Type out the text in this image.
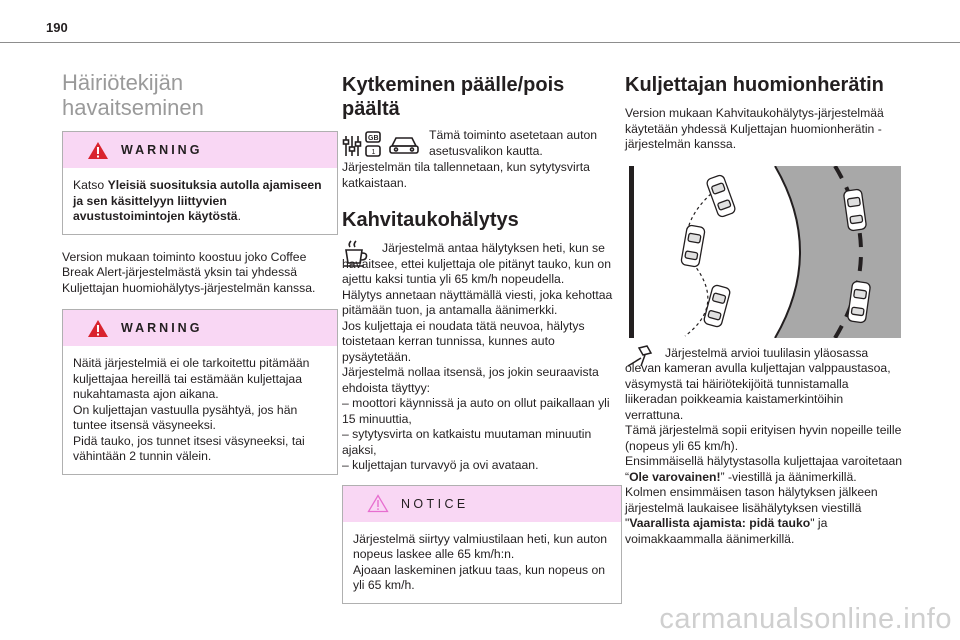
190
Häiriötekijän
havaitseminen
WARNING

Katso Yleisiä suosituksia autolla ajamiseen ja sen käsittelyyn liittyvien avustustoimintojen käytöstä.

Version mukaan toiminto koostuu joko Coffee Break Alert-järjestelmästä yksin tai yhdessä Kuljettajan huomiohälytys-järjestelmän kanssa.

WARNING

Näitä järjestelmiä ei ole tarkoitettu pitämään kuljettajaa hereillä tai estämään kuljettajaa nukahtamasta ajon aikana.

On kuljettajan vastuulla pysähtyä, jos hän tuntee itsensä väsyneeksi.

Pidä tauko, jos tunnet itsesi väsyneeksi, tai vähintään 2 tunnin välein.

Kytkeminen päälle/pois
päältä
GB
1

Tämä toiminto asetetaan auton asetusvalikon kautta.

Järjestelmän tila tallennetaan, kun sytytysvirta katkaistaan.

Kahvitaukohälytys

Järjestelmä antaa hälytyksen heti, kun se havaitsee, ettei kuljettaja ole pitänyt tauko, kun on ajettu kaksi tuntia yli 65 km/h nopeudella.

Hälytys annetaan näyttämällä viesti, joka kehottaa pitämään tuon, ja antamalla äänimerkki.

Jos kuljettaja ei noudata tätä neuvoa, hälytys toistetaan kerran tunnissa, kunnes auto pysäytetään.

Järjestelmä nollaa itsensä, jos jokin seuraavista ehdoista täyttyy:

– moottori käynnissä ja auto on ollut paikallaan yli 15 minuuttia,

– sytytysvirta on katkaistu muutaman minuutin ajaksi,

– kuljettajan turvavyö ja ovi avataan.

NOTICE

Järjestelmä siirtyy valmiustilaan heti, kun auton nopeus laskee alle 65 km/h:n.

Ajoaan laskeminen jatkuu taas, kun nopeus on yli 65 km/h.

Kuljettajan huomionherätin

Version mukaan Kahvitaukohälytys-järjestelmää käytetään yhdessä Kuljettajan huomionherätin -järjestelmän kanssa.

Järjestelmä arvioi tuulilasin yläosassa olevan kameran avulla kuljettajan valppaustasoa, väsymystä tai häiriötekijöitä tunnistamalla liikeradan poikkeamia kaistamerkintöihin verrattuna.

Tämä järjestelmä sopii erityisen hyvin nopeille teille (nopeus yli 65 km/h).

Ensimmäisellä hälytystasolla kuljettajaa varoitetaan “Ole varovainen!” -viestillä ja äänimerkillä.

Kolmen ensimmäisen tason hälytyksen jälkeen järjestelmä laukaisee lisähälytyksen viestillä "Vaarallista ajamista: pidä tauko" ja voimakkaammalla äänimerkillä.

carmanualsonline.info
